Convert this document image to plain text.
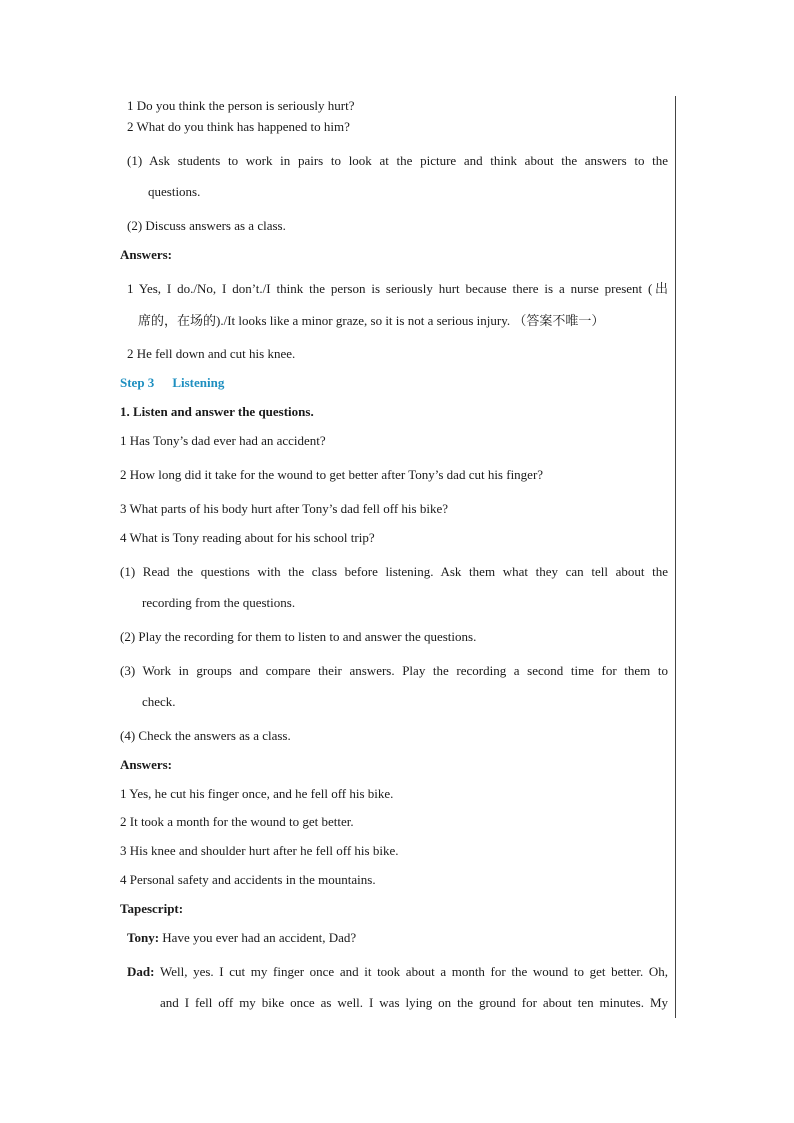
1 Do you think the person is seriously hurt?
2 What do you think has happened to him?
(1) Ask students to work in pairs to look at the picture and think about the answers to the
questions.
(2) Discuss answers as a class.
Answers:
1 Yes, I do./No, I don’t./I think the person is seriously hurt because there is a nurse present (出
席的，在场的)./It looks like a minor graze, so it is not a serious injury. （答案不唯一）
2 He fell down and cut his knee.
Step 3 Listening
1. Listen and answer the questions.
1 Has Tony’s dad ever had an accident?
2 How long did it take for the wound to get better after Tony’s dad cut his finger?
3 What parts of his body hurt after Tony’s dad fell off his bike?
4 What is Tony reading about for his school trip?
(1) Read the questions with the class before listening. Ask them what they can tell about the
recording from the questions.
(2) Play the recording for them to listen to and answer the questions.
(3) Work in groups and compare their answers. Play the recording a second time for them to
check.
(4) Check the answers as a class.
Answers:
1 Yes, he cut his finger once, and he fell off his bike.
2 It took a month for the wound to get better.
3 His knee and shoulder hurt after he fell off his bike.
4 Personal safety and accidents in the mountains.
Tapescript:
Tony: Have you ever had an accident, Dad?
Dad: Well, yes. I cut my finger once and it took about a month for the wound to get better. Oh,
and I fell off my bike once as well. I was lying on the ground for about ten minutes. My
